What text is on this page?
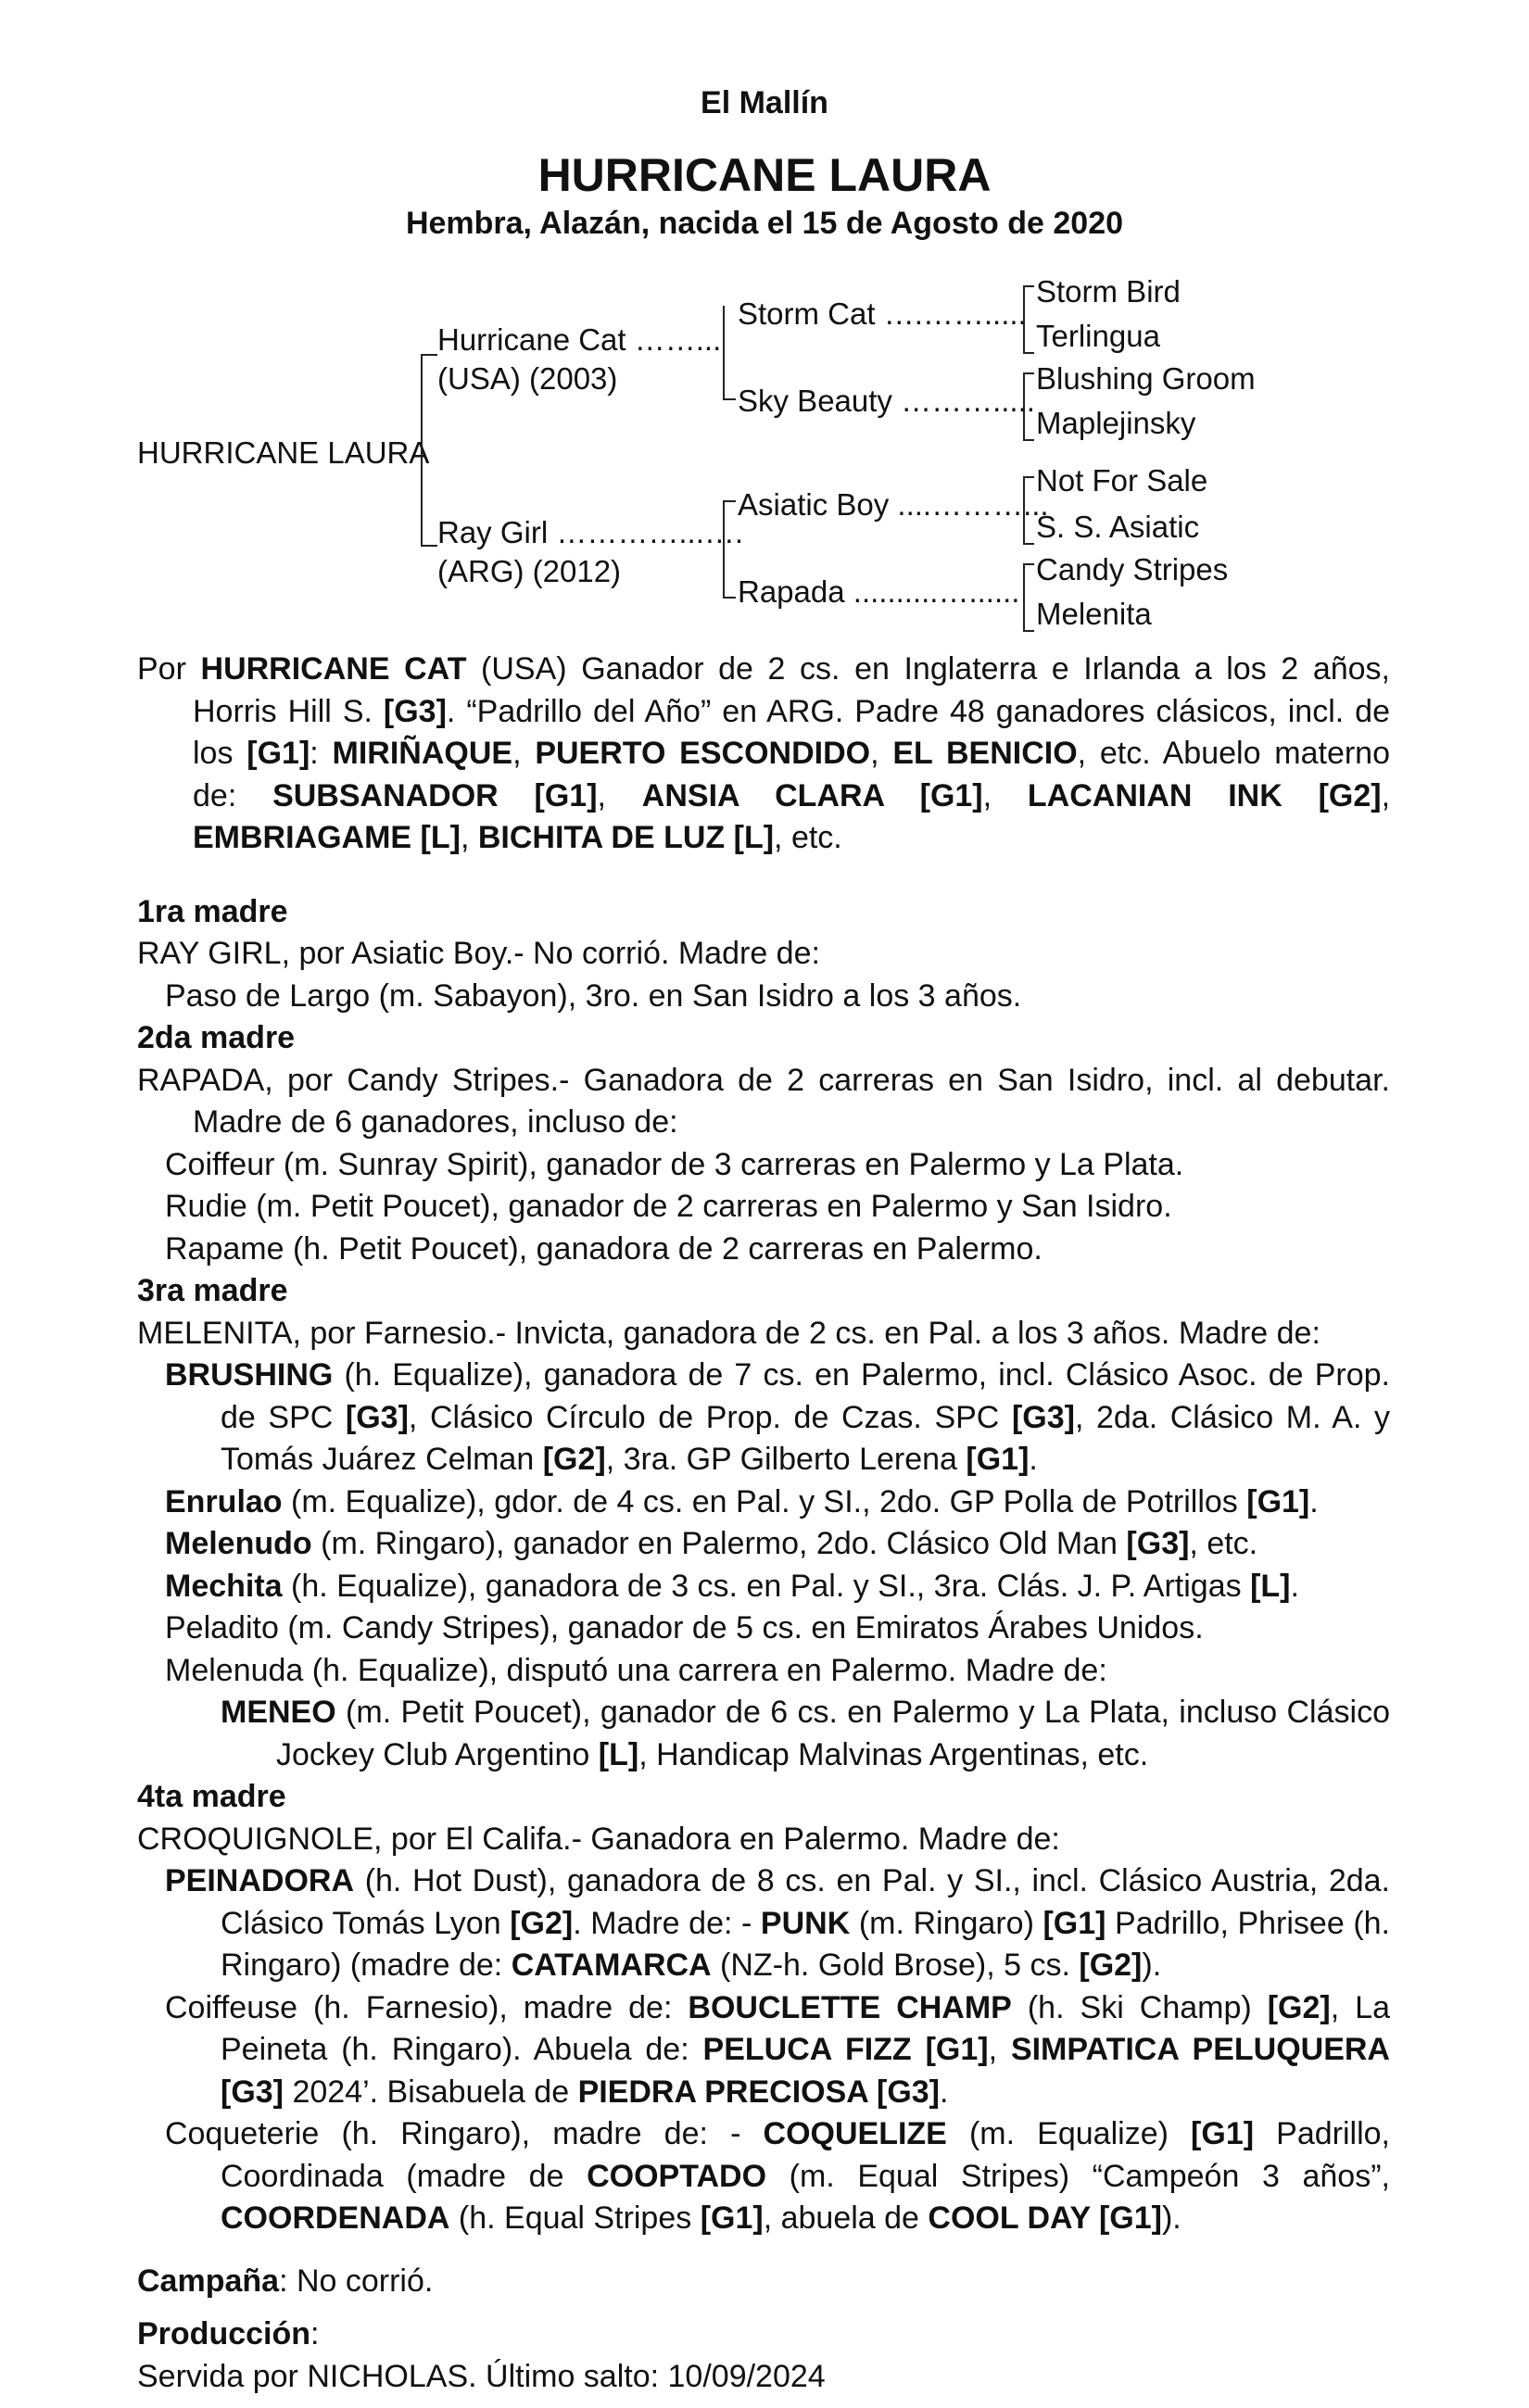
El Mallín
HURRICANE LAURA
Hembra, Alazán, nacida el 15 de Agosto de 2020
HURRICANE LAURA
Hurricane Cat ……...
(USA) (2003)
Ray Girl …………...….
(ARG) (2012)
Storm Cat ….…….....
Sky Beauty ……….....
Asiatic Boy ....………...
Rapada ..........…......
Storm Bird
Terlingua
Blushing Groom
Maplejinsky
Not For Sale
S. S. Asiatic
Candy Stripes
Melenita
Por HURRICANE CAT (USA) Ganador de 2 cs. en Inglaterra e Irlanda a los 2 años, Horris Hill S. [G3]. “Padrillo del Año” en ARG. Padre 48 ganadores clásicos, incl. de los [G1]: MIRIÑAQUE, PUERTO ESCONDIDO, EL BENICIO, etc. Abuelo materno de: SUBSANADOR [G1], ANSIA CLARA [G1], LACANIAN INK [G2], EMBRIAGAME [L], BICHITA DE LUZ [L], etc.
1ra madre
RAY GIRL, por Asiatic Boy.- No corrió. Madre de:
Paso de Largo (m. Sabayon), 3ro. en San Isidro a los 3 años.
2da madre
RAPADA, por Candy Stripes.- Ganadora de 2 carreras en San Isidro, incl. al debutar. Madre de 6 ganadores, incluso de:
Coiffeur (m. Sunray Spirit), ganador de 3 carreras en Palermo y La Plata.
Rudie (m. Petit Poucet), ganador de 2 carreras en Palermo y San Isidro.
Rapame (h. Petit Poucet), ganadora de 2 carreras en Palermo.
3ra madre
MELENITA, por Farnesio.- Invicta, ganadora de 2 cs. en Pal. a los 3 años. Madre de:
BRUSHING (h. Equalize), ganadora de 7 cs. en Palermo, incl. Clásico Asoc. de Prop. de SPC [G3], Clásico Círculo de Prop. de Czas. SPC [G3], 2da. Clásico M. A. y Tomás Juárez Celman [G2], 3ra. GP Gilberto Lerena [G1].
Enrulao (m. Equalize), gdor. de 4 cs. en Pal. y SI., 2do. GP Polla de Potrillos [G1].
Melenudo (m. Ringaro), ganador en Palermo, 2do. Clásico Old Man [G3], etc.
Mechita (h. Equalize), ganadora de 3 cs. en Pal. y SI., 3ra. Clás. J. P. Artigas [L].
Peladito (m. Candy Stripes), ganador de 5 cs. en Emiratos Árabes Unidos.
Melenuda (h. Equalize), disputó una carrera en Palermo. Madre de:
MENEO (m. Petit Poucet), ganador de 6 cs. en Palermo y La Plata, incluso Clásico Jockey Club Argentino [L], Handicap Malvinas Argentinas, etc.
4ta madre
CROQUIGNOLE, por El Califa.- Ganadora en Palermo. Madre de:
PEINADORA (h. Hot Dust), ganadora de 8 cs. en Pal. y SI., incl. Clásico Austria, 2da. Clásico Tomás Lyon [G2]. Madre de: - PUNK (m. Ringaro) [G1] Padrillo, Phrisee (h. Ringaro) (madre de: CATAMARCA (NZ-h. Gold Brose), 5 cs. [G2]).
Coiffeuse (h. Farnesio), madre de: BOUCLETTE CHAMP (h. Ski Champ) [G2], La Peineta (h. Ringaro). Abuela de: PELUCA FIZZ [G1], SIMPATICA PELUQUERA [G3] 2024’. Bisabuela de PIEDRA PRECIOSA [G3].
Coqueterie (h. Ringaro), madre de: - COQUELIZE (m. Equalize) [G1] Padrillo, Coordinada (madre de COOPTADO (m. Equal Stripes) “Campeón 3 años”, COORDENADA (h. Equal Stripes [G1], abuela de COOL DAY [G1]).
Campaña: No corrió.
Producción:
Servida por NICHOLAS. Último salto: 10/09/2024
